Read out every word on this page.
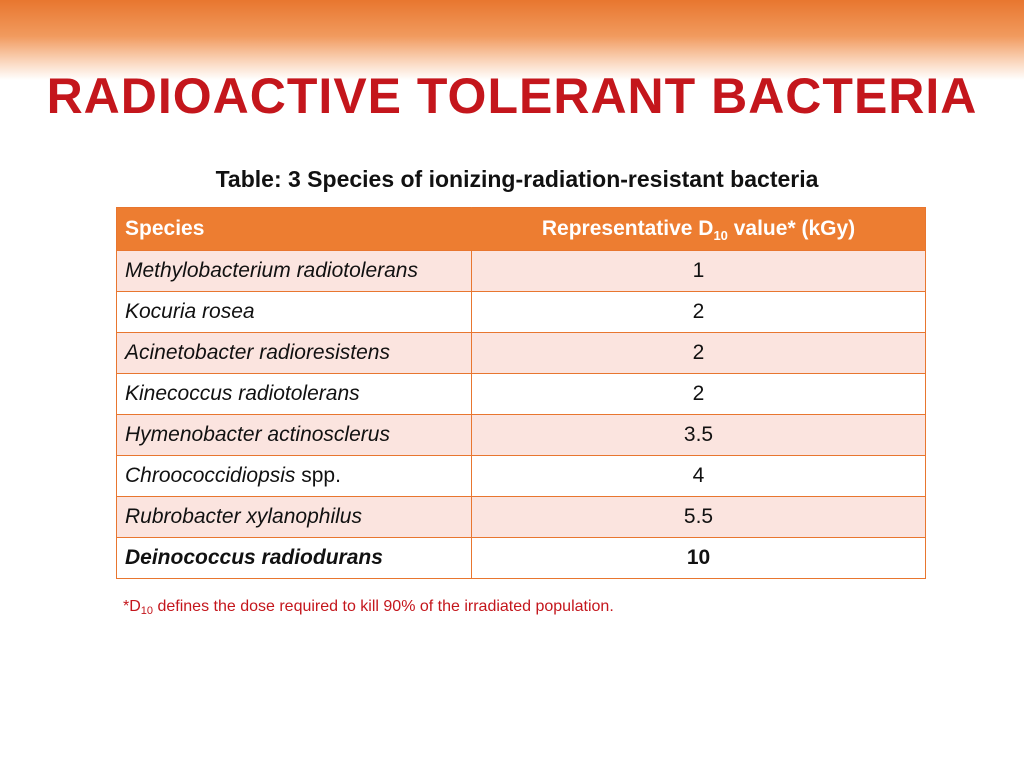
RADIOACTIVE TOLERANT BACTERIA
Table: 3 Species of ionizing-radiation-resistant bacteria
Species	Representative $D_{10}$ value* (kGy)
Methylobacterium radiotolerans	1
Kocuria rosea	2
Acinetobacter radioresistens	2
Kinecoccus radiotolerans	2
Hymenobacter actinosclerus	3.5
Chroococcidiopsis spp.	4
Rubrobacter xylanophilus	5.5
Deinococcus radiodurans	10
$*D_{10}$ defines the dose required to kill 90% of the irradiated population.
